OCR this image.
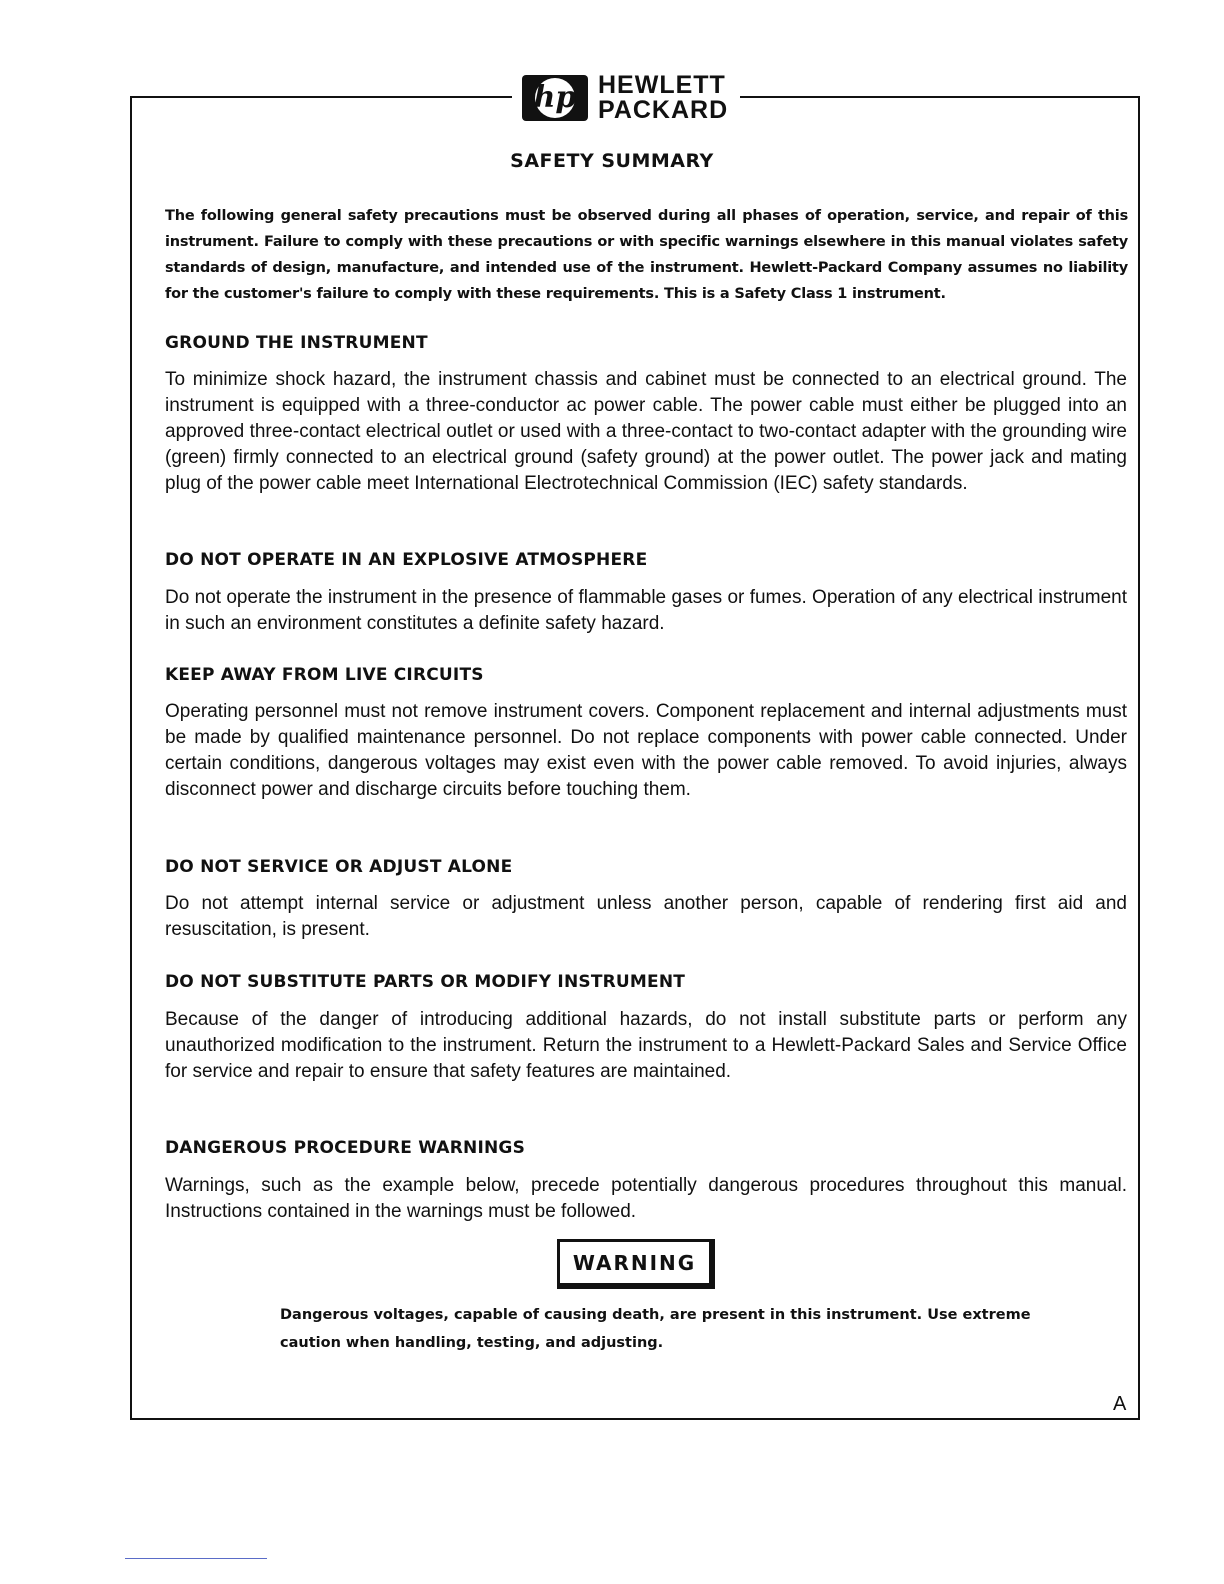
hp HEWLETT
PACKARD
SAFETY SUMMARY
The following general safety precautions must be observed during all phases of operation, service, and repair of this instrument. Failure to comply with these precautions or with specific warnings elsewhere in this manual violates safety standards of design, manufacture, and intended use of the instrument. Hewlett-Packard Company assumes no liability for the customer's failure to comply with these requirements. This is a Safety Class 1 instrument.
GROUND THE INSTRUMENT
To minimize shock hazard, the instrument chassis and cabinet must be connected to an electrical ground. The instrument is equipped with a three-conductor ac power cable. The power cable must either be plugged into an approved three-contact electrical outlet or used with a three-contact to two-contact adapter with the grounding wire (green) firmly connected to an electrical ground (safety ground) at the power outlet. The power jack and mating plug of the power cable meet International Electrotechnical Commission (IEC) safety standards.
DO NOT OPERATE IN AN EXPLOSIVE ATMOSPHERE
Do not operate the instrument in the presence of flammable gases or fumes. Operation of any electrical instrument in such an environment constitutes a definite safety hazard.
KEEP AWAY FROM LIVE CIRCUITS
Operating personnel must not remove instrument covers. Component replacement and internal adjustments must be made by qualified maintenance personnel. Do not replace components with power cable connected. Under certain conditions, dangerous voltages may exist even with the power cable removed. To avoid injuries, always disconnect power and discharge circuits before touching them.
DO NOT SERVICE OR ADJUST ALONE
Do not attempt internal service or adjustment unless another person, capable of rendering first aid and resuscitation, is present.
DO NOT SUBSTITUTE PARTS OR MODIFY INSTRUMENT
Because of the danger of introducing additional hazards, do not install substitute parts or perform any unauthorized modification to the instrument. Return the instrument to a Hewlett-Packard Sales and Service Office for service and repair to ensure that safety features are maintained.
DANGEROUS PROCEDURE WARNINGS
Warnings, such as the example below, precede potentially dangerous procedures throughout this manual. Instructions contained in the warnings must be followed.
WARNING
Dangerous voltages, capable of causing death, are present in this instrument. Use extreme caution when handling, testing, and adjusting.
A
